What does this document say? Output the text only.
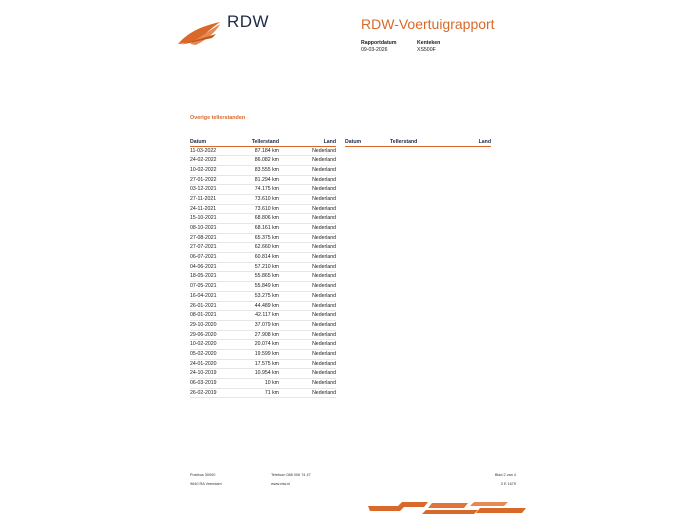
RDW	RDW-Voertuigrapport
Rapportdatum
09-03-2026
Kenteken
XS500F
Overige tellerstanden
Datum	Tellerstand	Land
11-03-2022	87.184 km	Nederland
24-02-2022	86.082 km	Nederland
10-02-2022	83.555 km	Nederland
27-01-2022	81.294 km	Nederland
03-12-2021	74.175 km	Nederland
27-11-2021	73.610 km	Nederland
24-11-2021	73.610 km	Nederland
15-10-2021	68.806 km	Nederland
08-10-2021	68.161 km	Nederland
27-08-2021	65.375 km	Nederland
27-07-2021	62.660 km	Nederland
06-07-2021	60.814 km	Nederland
04-06-2021	57.210 km	Nederland
18-05-2021	55.865 km	Nederland
07-05-2021	55.849 km	Nederland
16-04-2021	53.275 km	Nederland
26-01-2021	44.489 km	Nederland
08-01-2021	42.117 km	Nederland
29-10-2020	37.079 km	Nederland
29-06-2020	27.908 km	Nederland
10-02-2020	20.074 km	Nederland
05-02-2020	19.599 km	Nederland
24-01-2020	17.575 km	Nederland
24-10-2019	10.954 km	Nederland
06-03-2019	10 km	Nederland
26-02-2019	71 km	Nederland
Datum	Tellerstand	Land
Postbus 30000
9640 RA Veendam
Telefoon 088 006 74 47
www.rdw.nl
Blad 2 van 4
3 E 1679
